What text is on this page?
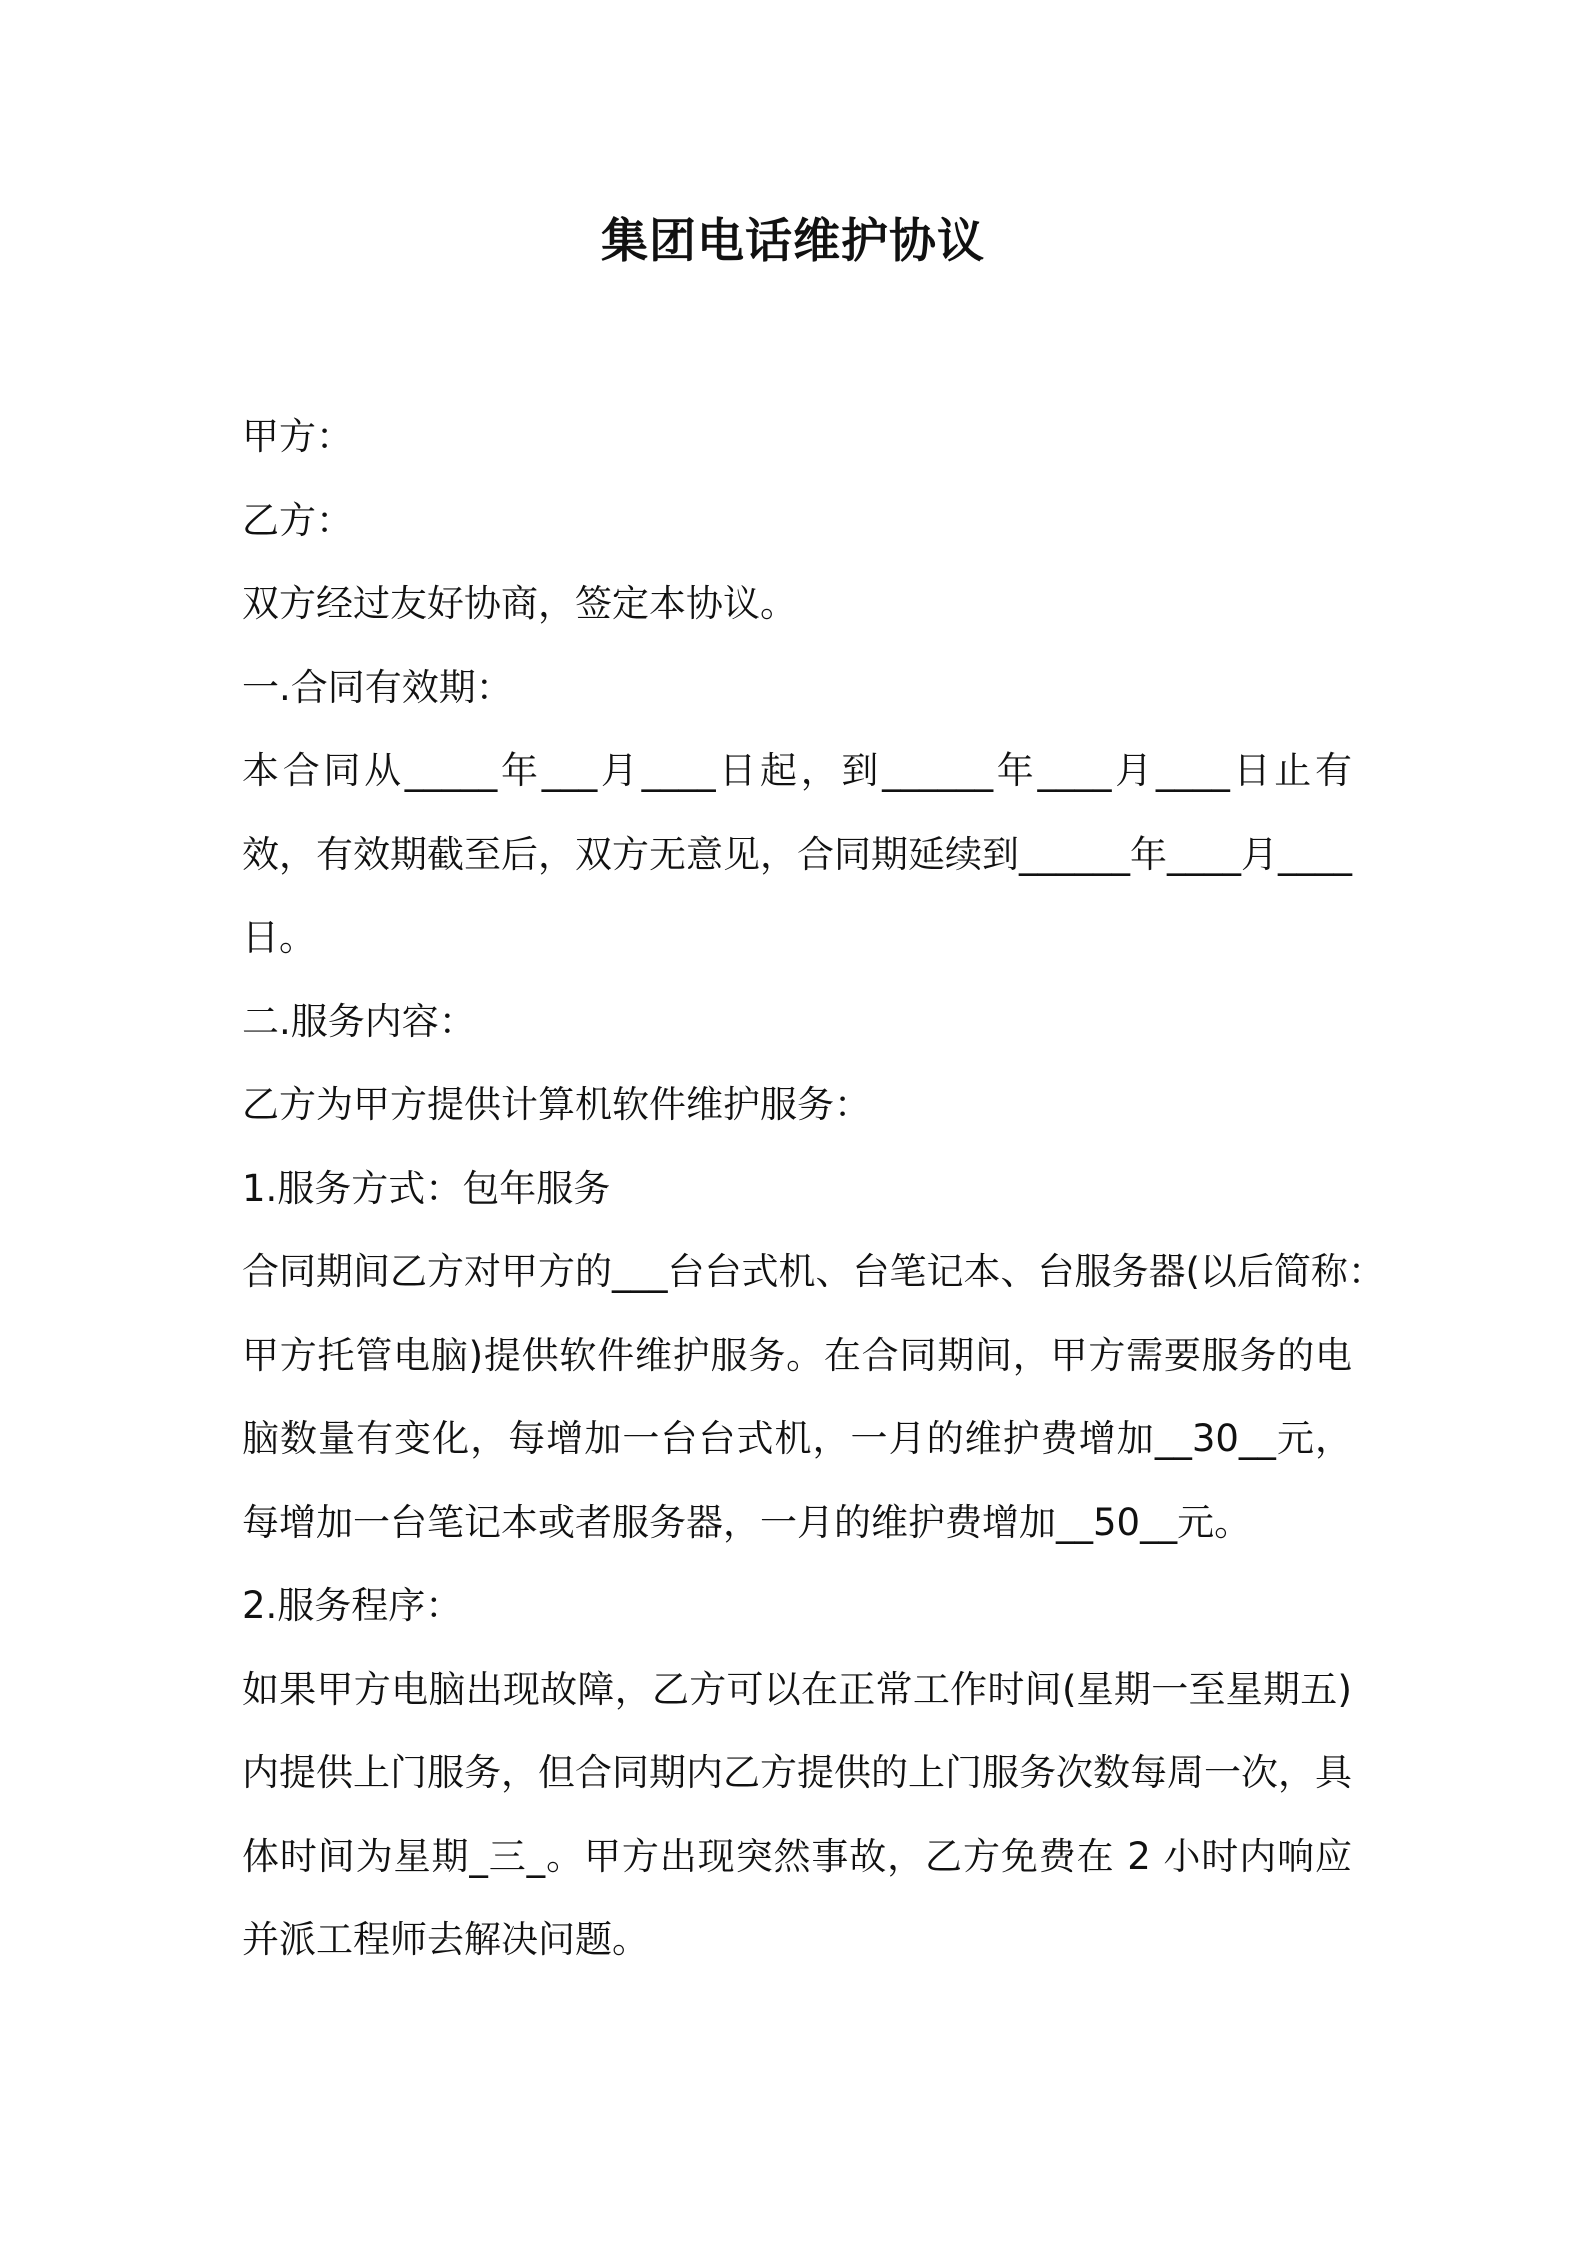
集团电话维护协议
甲方：
乙方：
双方经过友好协商，签定本协议。
一.合同有效期：
本合同从_____年___月____日起，到______年____月____日止有
效，有效期截至后，双方无意见，合同期延续到______年____月____
日。
二.服务内容：
乙方为甲方提供计算机软件维护服务：
1.服务方式：包年服务
合同期间乙方对甲方的___台台式机、台笔记本、台服务器(以后简称：
甲方托管电脑)提供软件维护服务。在合同期间，甲方需要服务的电
脑数量有变化，每增加一台台式机，一月的维护费增加__30__元，
每增加一台笔记本或者服务器，一月的维护费增加__50__元。
2.服务程序：
如果甲方电脑出现故障，乙方可以在正常工作时间(星期一至星期五)
内提供上门服务，但合同期内乙方提供的上门服务次数每周一次，具
体时间为星期_三_。甲方出现突然事故，乙方免费在 2 小时内响应
并派工程师去解决问题。
